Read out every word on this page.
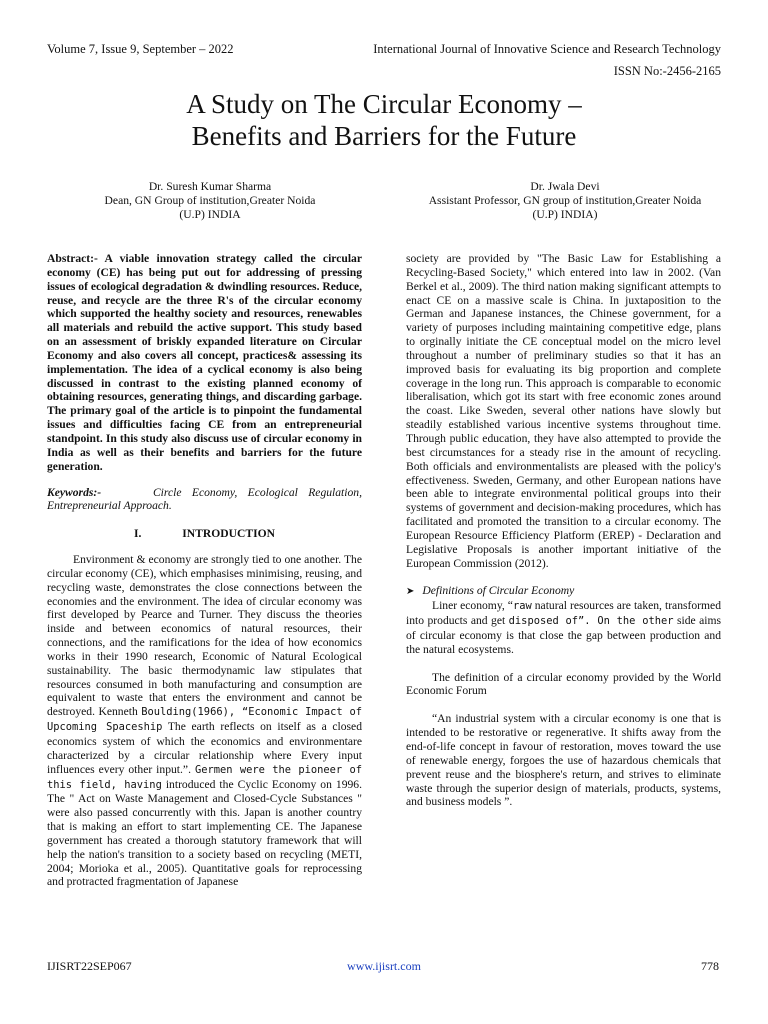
Volume 7, Issue 9, September – 2022	International Journal of Innovative Science and Research Technology
ISSN No:-2456-2165
A Study on The Circular Economy –
Benefits and Barriers for the Future
Dr. Suresh Kumar Sharma
Dean, GN Group of institution,Greater Noida
(U.P) INDIA
Dr. Jwala Devi
Assistant Professor, GN group of institution,Greater Noida
(U.P) INDIA)

Abstract:- A viable innovation strategy called the circular economy (CE) has being put out for addressing of pressing issues of ecological degradation & dwindling resources. Reduce, reuse, and recycle are the three R's of the circular economy which supported the healthy society and resources, renewables all materials and rebuild the active support. This study based on an assessment of briskly expanded literature on Circular Economy and also covers all concept, practices& assessing its implementation. The idea of a cyclical economy is also being discussed in contrast to the existing planned economy of obtaining resources, generating things, and discarding garbage. The primary goal of the article is to pinpoint the fundamental issues and difficulties facing CE from an entrepreneurial standpoint. In this study also discuss use of circular economy in India as well as their benefits and barriers for the future generation.

Keywords:-	Circle Economy, Ecological Regulation, Entrepreneurial Approach.

I.	INTRODUCTION

Environment & economy are strongly tied to one another. The circular economy (CE), which emphasises minimising, reusing, and recycling waste, demonstrates the close connections between the economies and the environment. The idea of circular economy was first developed by Pearce and Turner. They discuss the theories inside and between economics of natural resources, their connections, and the ramifications for the idea of how economics works in their 1990 research, Economic of Natural Ecological sustainability. The basic thermodynamic law stipulates that resources consumed in both manufacturing and consumption are equivalent to waste that enters the environment and cannot be destroyed. Kenneth Boulding(1966), “Economic Impact of Upcoming Spaceship The earth reflects on itself as a closed economics system of which the economics and environmentare characterized by a circular relationship where Every input influences every other input.”. Germen were the pioneer of this field, having introduced the Cyclic Economy on 1996. The " Act on Waste Management and Closed-Cycle Substances " were also passed concurrently with this. Japan is another country that is making an effort to start implementing CE. The Japanese government has created a thorough statutory framework that will help the nation's transition to a society based on recycling (METI, 2004; Morioka et al., 2005). Quantitative goals for reprocessing and protracted fragmentation of Japanese

society are provided by "The Basic Law for Establishing a Recycling-Based Society," which entered into law in 2002. (Van Berkel et al., 2009). The third nation making significant attempts to enact CE on a massive scale is China. In juxtaposition to the German and Japanese instances, the Chinese government, for a variety of purposes including maintaining competitive edge, plans to orginally initiate the CE conceptual model on the micro level throughout a number of preliminary studies so that it has an improved basis for evaluating its big proportion and complete coverage in the long run. This approach is comparable to economic liberalisation, which got its start with free economic zones around the coast. Like Sweden, several other nations have slowly but steadily established various incentive systems throughout time. Through public education, they have also attempted to provide the best circumstances for a steady rise in the amount of recycling. Both officials and environmentalists are pleased with the policy's effectiveness. Sweden, Germany, and other European nations have been able to integrate environmental political groups into their systems of government and decision-making procedures, which has facilitated and promoted the transition to a circular economy. The European Resource Efficiency Platform (EREP) - Declaration and Legislative Proposals is another important initiative of the European Commission (2012).

➤ Definitions of Circular Economy

Liner economy, “raw natural resources are taken, transformed into products and get disposed of”. On the other side aims of circular economy is that close the gap between production and the natural ecosystems.

The definition of a circular economy provided by the World Economic Forum

“An industrial system with a circular economy is one that is intended to be restorative or regenerative. It shifts away from the end-of-life concept in favour of restoration, moves toward the use of renewable energy, forgoes the use of hazardous chemicals that prevent reuse and the biosphere's return, and strives to eliminate waste through the superior design of materials, products, systems, and business models ”.

IJISRT22SEP067	www.ijisrt.com	778
